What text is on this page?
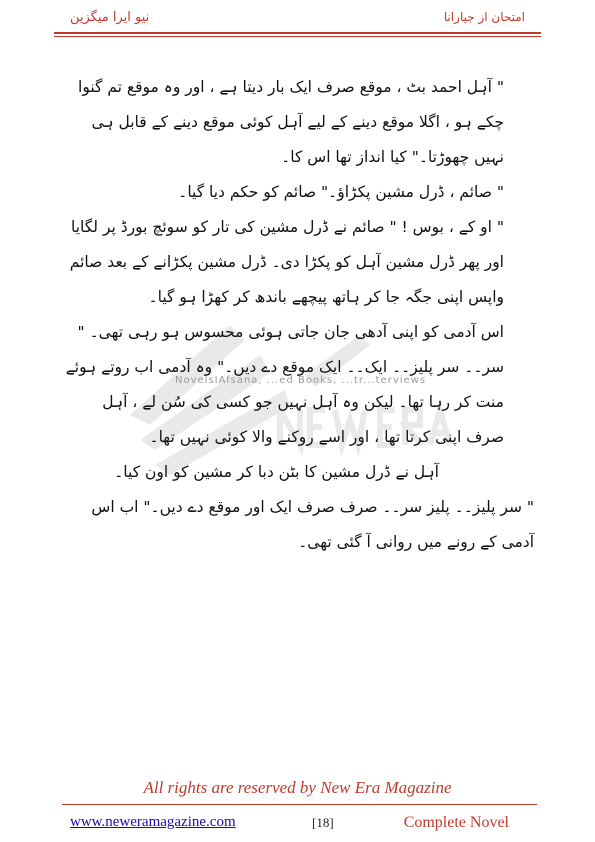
نیو ایرا میگزین	امتحان از جیارانا
NovelsIAfsana, ...ed Books, ...tr...terviews

" آہل احمد بٹ ، موقع صرف ایک بار دیتا ہے ، اور وہ موقع تم گنوا چکے ہو ، اگلا موقع دینے کے لیے آہل کوئی موقع دینے کے قابل ہی نہیں چھوڑتا۔" کیا انداز تھا اس کا۔

" صائم ، ڈرل مشین پکڑاؤ۔" صائم کو حکم دیا گیا۔

" او کے ، بوس ! " صائم نے ڈرل مشین کی تار کو سوئچ بورڈ پر لگایا اور پھر ڈرل مشین آہل کو پکڑا دی۔ ڈرل مشین پکڑانے کے بعد صائم واپس اپنی جگہ جا کر ہاتھ پیچھے باندھ کر کھڑا ہو گیا۔

اس آدمی کو اپنی آدھی جان جاتی ہوئی محسوس ہو رہی تھی۔ " سر۔۔ سر پلیز۔۔ ایک۔۔ ایک موقع دے دیں۔" وہ آدمی اب روتے ہوئے منت کر رہا تھا۔ لیکن وہ آہل نہیں جو کسی کی سُن لے ، آہل صرف اپنی کرتا تھا ، اور اسے روکنے والا کوئی نہیں تھا۔

آہل نے ڈرل مشین کا بٹن دبا کر مشین کو اون کیا۔

" سر پلیز۔۔ پلیز سر۔۔ صرف صرف ایک اور موقع دے دیں۔" اب اس آدمی کے رونے میں روانی آ گئی تھی۔

All rights are reserved by New Era Magazine
www.neweramagazine.com	[18]	Complete Novel
